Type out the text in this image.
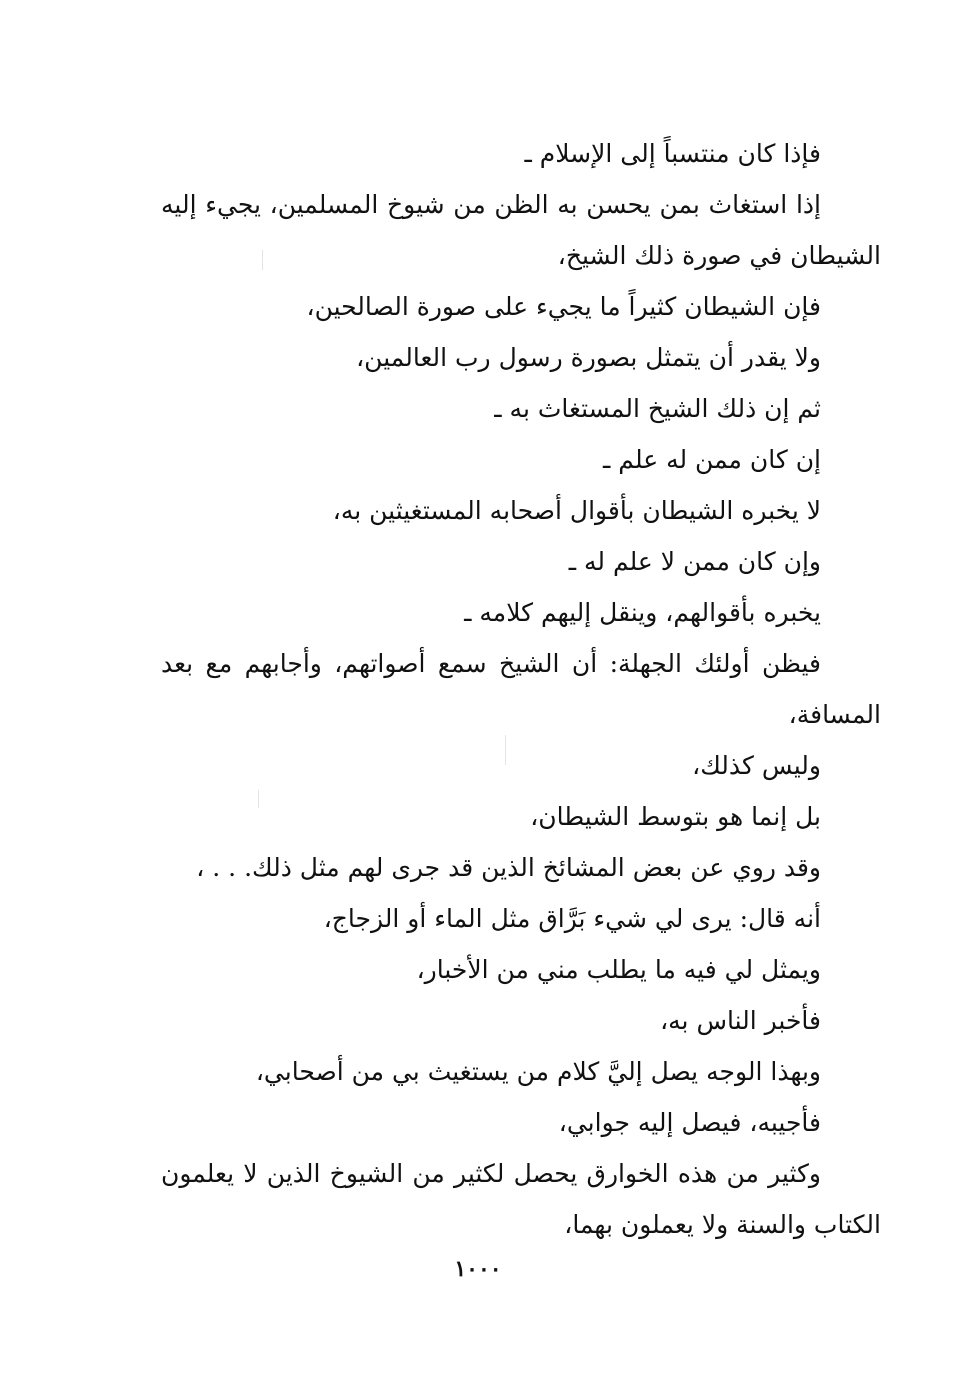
فإذا كان منتسباً إلى الإسلام ـ
إذا استغاث بمن يحسن به الظن من شيوخ المسلمين، يجيء إليه
الشيطان في صورة ذلك الشيخ،
فإن الشيطان كثيراً ما يجيء على صورة الصالحين،
ولا يقدر أن يتمثل بصورة رسول رب العالمين،
ثم إن ذلك الشيخ المستغاث به ـ
إن كان ممن له علم ـ
لا يخبره الشيطان بأقوال أصحابه المستغيثين به،
وإن كان ممن لا علم له ـ
يخبره بأقوالهم، وينقل إليهم كلامه ـ
فيظن أولئك الجهلة: أن الشيخ سمع أصواتهم، وأجابهم مع بعد
المسافة،
وليس كذلك،
بل إنما هو بتوسط الشيطان،
وقد روي عن بعض المشائخ الذين قد جرى لهم مثل ذلك. . . ،
أنه قال: يرى لي شيء بَرَّاق مثل الماء أو الزجاج،
ويمثل لي فيه ما يطلب مني من الأخبار،
فأخبر الناس به،
وبهذا الوجه يصل إليَّ كلام من يستغيث بي من أصحابي،
فأجيبه، فيصل إليه جوابي،
وكثير من هذه الخوارق يحصل لكثير من الشيوخ الذين لا يعلمون
الكتاب والسنة ولا يعملون بهما،
١٠٠٠
